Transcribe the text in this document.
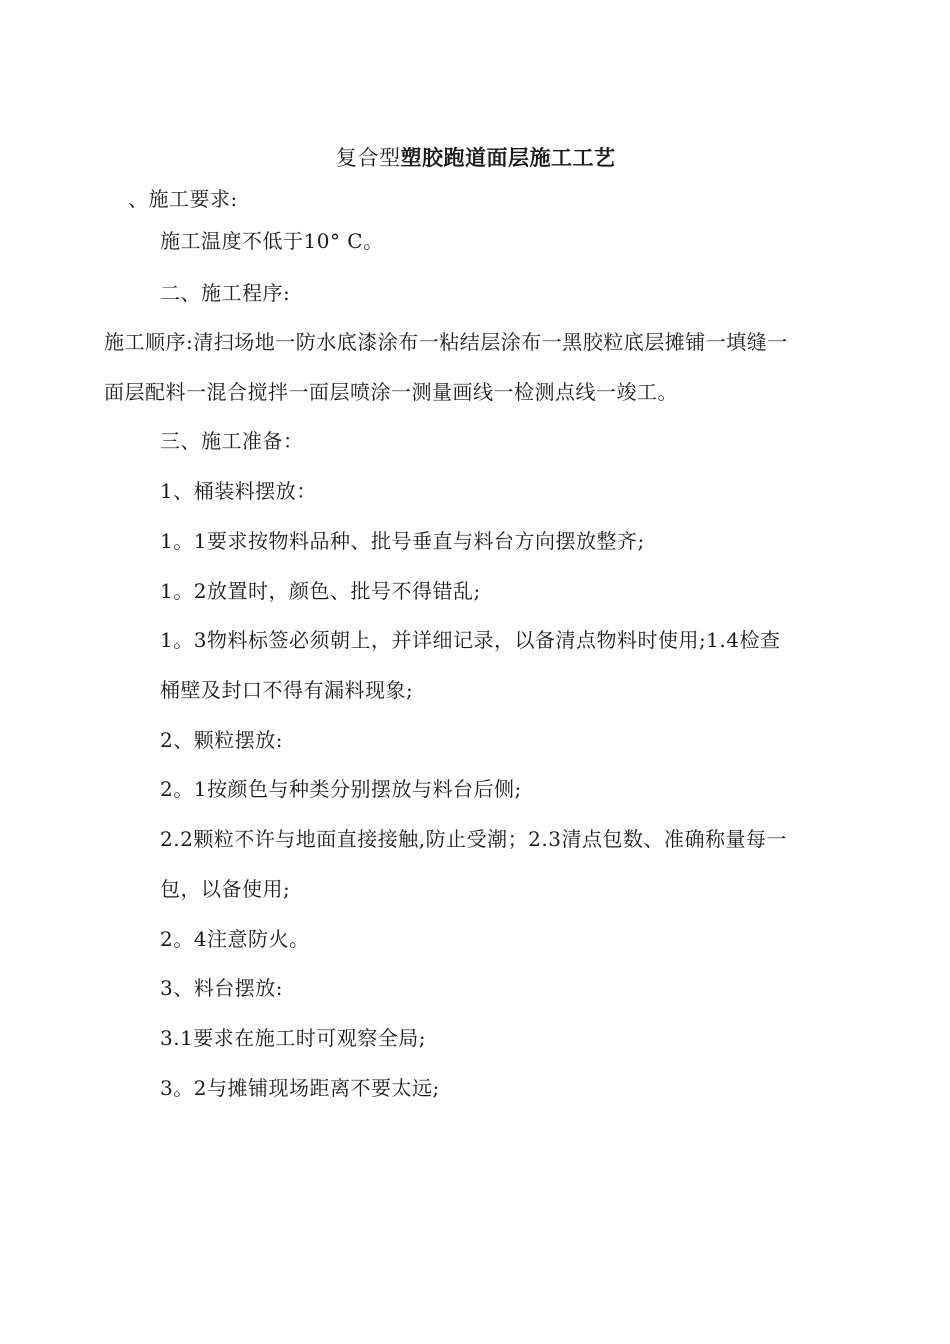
复合型塑胶跑道面层施工工艺
、施工要求:
施工温度不低于10° C。
二、施工程序:
施工顺序:清扫场地一防水底漆涂布一粘结层涂布一黑胶粒底层摊铺一填缝一
面层配料一混合搅拌一面层喷涂一测量画线一检测点线一竣工。
三、施工准备：
1、桶装料摆放：
1。1要求按物料品种、批号垂直与料台方向摆放整齐;
1。2放置时，颜色、批号不得错乱;
1。3物料标签必须朝上，并详细记录，以备清点物料时使用;1.4检查
桶壁及封口不得有漏料现象;
2、颗粒摆放:
2。1按颜色与种类分别摆放与料台后侧;
2.2颗粒不许与地面直接接触,防止受潮；2.3清点包数、准确称量每一
包，以备使用;
2。4注意防火。
3、料台摆放:
3.1要求在施工时可观察全局;
3。2与摊铺现场距离不要太远;
